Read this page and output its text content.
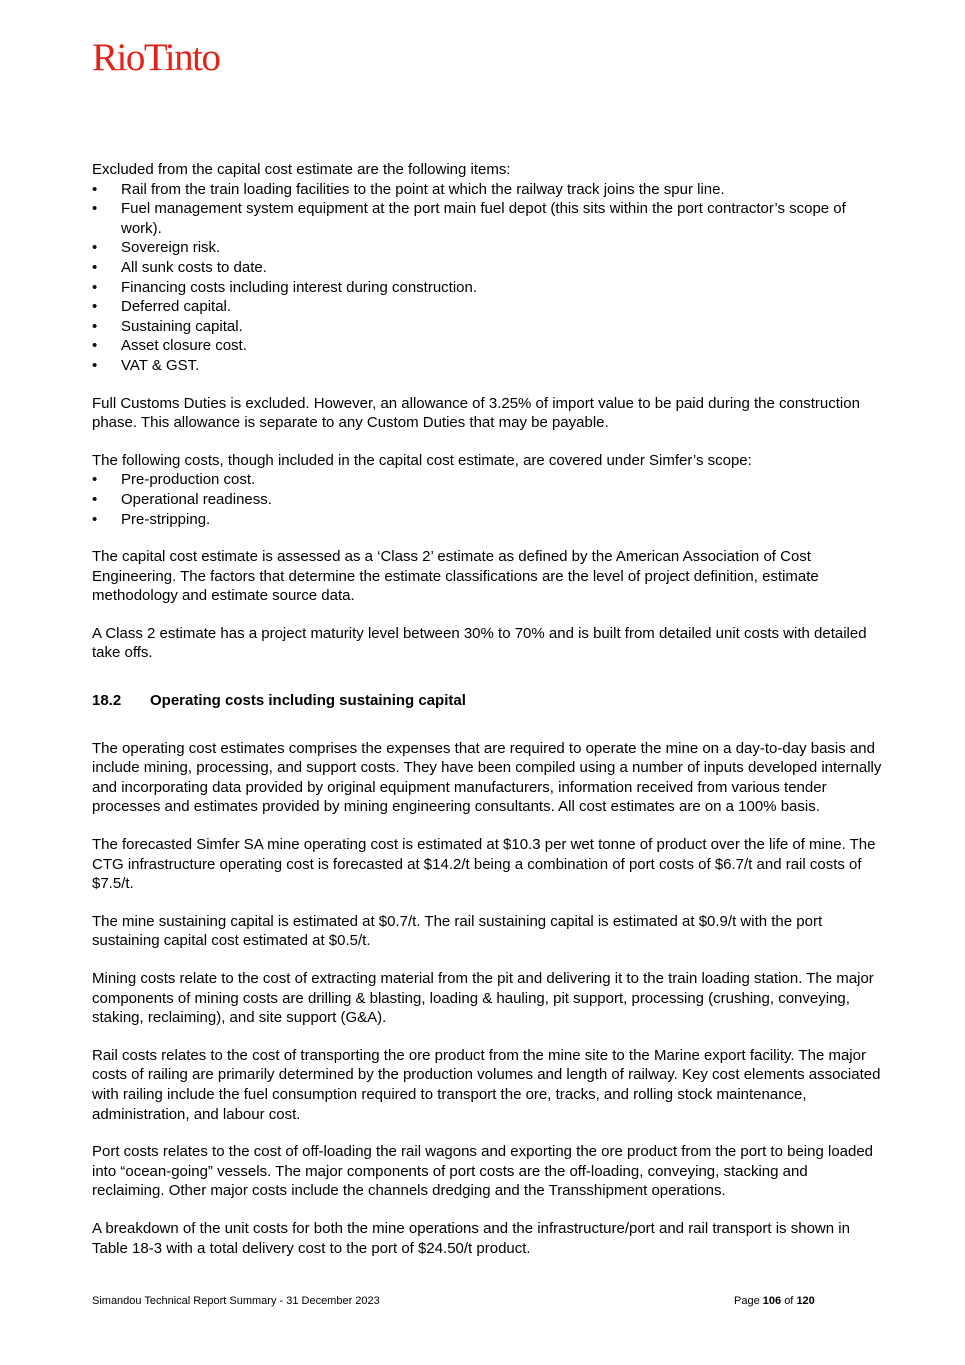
RioTinto

Excluded from the capital cost estimate are the following items:

• Rail from the train loading facilities to the point at which the railway track joins the spur line.
• Fuel management system equipment at the port main fuel depot (this sits within the port contractor’s scope of work).
• Sovereign risk.
• All sunk costs to date.
• Financing costs including interest during construction.
• Deferred capital.
• Sustaining capital.
• Asset closure cost.
• VAT & GST.

Full Customs Duties is excluded. However, an allowance of 3.25% of import value to be paid during the construction phase. This allowance is separate to any Custom Duties that may be payable.

The following costs, though included in the capital cost estimate, are covered under Simfer’s scope:

• Pre-production cost.
• Operational readiness.
• Pre-stripping.

The capital cost estimate is assessed as a ‘Class 2’ estimate as defined by the American Association of Cost Engineering. The factors that determine the estimate classifications are the level of project definition, estimate methodology and estimate source data.

A Class 2 estimate has a project maturity level between 30% to 70% and is built from detailed unit costs with detailed take offs.

18.2 Operating costs including sustaining capital

The operating cost estimates comprises the expenses that are required to operate the mine on a day-to-day basis and include mining, processing, and support costs. They have been compiled using a number of inputs developed internally and incorporating data provided by original equipment manufacturers, information received from various tender processes and estimates provided by mining engineering consultants. All cost estimates are on a 100% basis.

The forecasted Simfer SA mine operating cost is estimated at $10.3 per wet tonne of product over the life of mine. The CTG infrastructure operating cost is forecasted at $14.2/t being a combination of port costs of $6.7/t and rail costs of $7.5/t.

The mine sustaining capital is estimated at $0.7/t. The rail sustaining capital is estimated at $0.9/t with the port sustaining capital cost estimated at $0.5/t.

Mining costs relate to the cost of extracting material from the pit and delivering it to the train loading station. The major components of mining costs are drilling & blasting, loading & hauling, pit support, processing (crushing, conveying, staking, reclaiming), and site support (G&A).

Rail costs relates to the cost of transporting the ore product from the mine site to the Marine export facility. The major costs of railing are primarily determined by the production volumes and length of railway. Key cost elements associated with railing include the fuel consumption required to transport the ore, tracks, and rolling stock maintenance, administration, and labour cost.

Port costs relates to the cost of off-loading the rail wagons and exporting the ore product from the port to being loaded into “ocean-going” vessels. The major components of port costs are the off-loading, conveying, stacking and reclaiming. Other major costs include the channels dredging and the Transshipment operations.

A breakdown of the unit costs for both the mine operations and the infrastructure/port and rail transport is shown in Table 18-3 with a total delivery cost to the port of $24.50/t product.

Simandou Technical Report Summary - 31 December 2023	Page 106 of 120
